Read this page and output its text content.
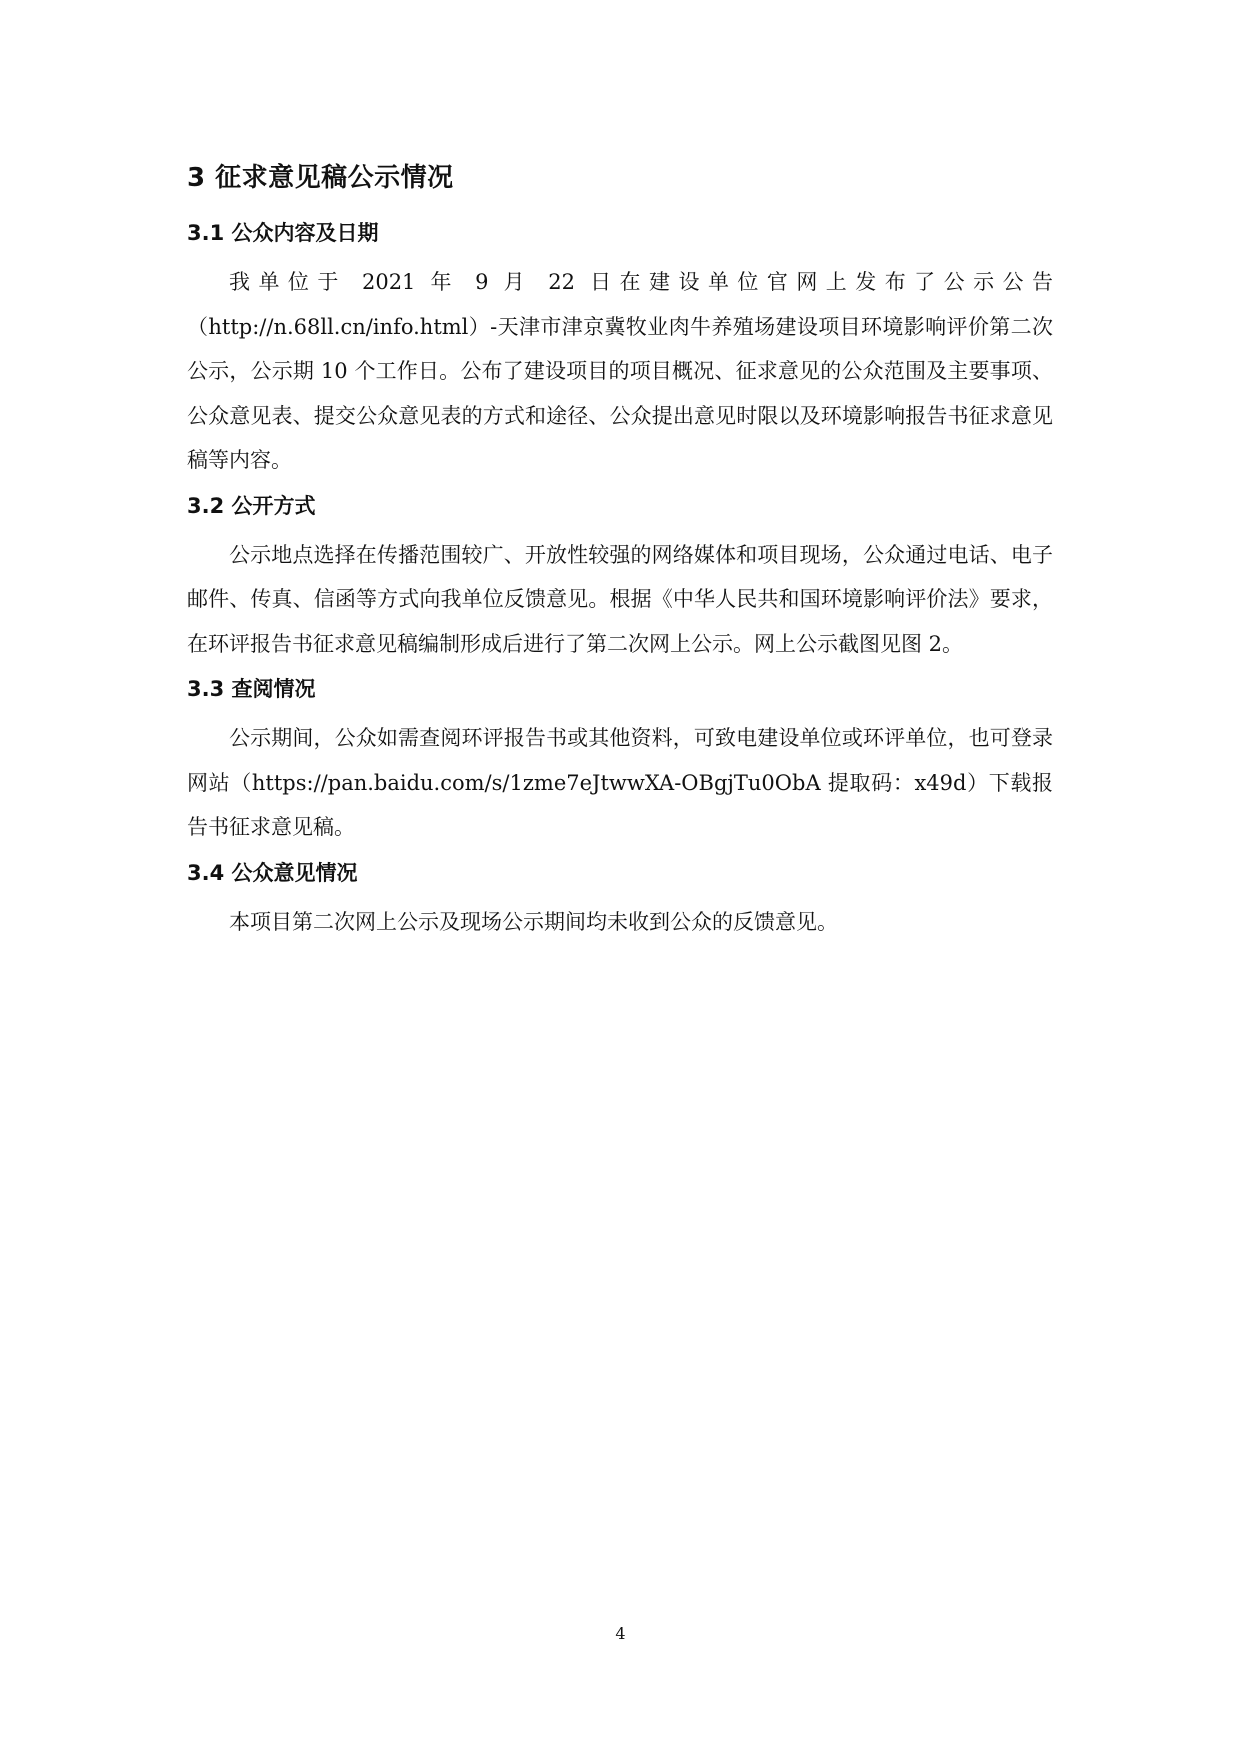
3 征求意见稿公示情况
3.1 公众内容及日期

我单位于 2021 年 9 月 22 日在建设单位官网上发布了公示公告（http://n.68ll.cn/info.html）-天津市津京冀牧业肉牛养殖场建设项目环境影响评价第二次公示，公示期 10 个工作日。公布了建设项目的项目概况、征求意见的公众范围及主要事项、公众意见表、提交公众意见表的方式和途径、公众提出意见时限以及环境影响报告书征求意见稿等内容。

3.2 公开方式

公示地点选择在传播范围较广、开放性较强的网络媒体和项目现场，公众通过电话、电子邮件、传真、信函等方式向我单位反馈意见。根据《中华人民共和国环境影响评价法》要求，在环评报告书征求意见稿编制形成后进行了第二次网上公示。网上公示截图见图 2。

3.3 查阅情况

公示期间，公众如需查阅环评报告书或其他资料，可致电建设单位或环评单位，也可登录网站（https://pan.baidu.com/s/1zme7eJtwwXA-OBgjTu0ObA 提取码：x49d）下载报告书征求意见稿。

3.4 公众意见情况

本项目第二次网上公示及现场公示期间均未收到公众的反馈意见。

4
